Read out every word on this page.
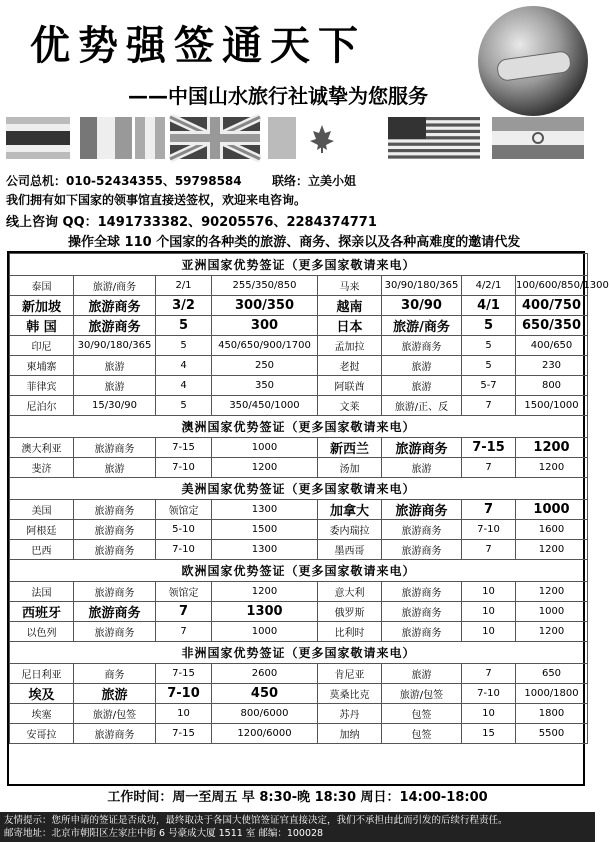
优势强签通天下
——中国山水旅行社诚挚为您服务
公司总机：010-52434355、59798584	联络：立美小姐
我们拥有如下国家的领事馆直接送签权，欢迎来电咨询。
线上咨询 QQ：1491733382、90205576、2284374771
操作全球 110 个国家的各种类的旅游、商务、探亲以及各种高难度的邀请代发
亚洲国家优势签证（更多国家敬请来电）							
泰国	旅游/商务	2/1	255/350/850	马来	30/90/180/365	4/2/1	100/600/850/1300
新加坡	旅游商务	3/2	300/350	越南	30/90	4/1	400/750
韩 国	旅游商务	5	300	日本	旅游/商务	5	650/350
印尼	30/90/180/365	5	450/650/900/1700	孟加拉	旅游商务	5	400/650
柬埔寨	旅游	4	250	老挝	旅游	5	230
菲律宾	旅游	4	350	阿联酋	旅游	5-7	800
尼泊尔	15/30/90	5	350/450/1000	文莱	旅游/正、反	7	1500/1000
澳洲国家优势签证（更多国家敬请来电）							
澳大利亚	旅游商务	7-15	1000	新西兰	旅游商务	7-15	1200
斐济	旅游	7-10	1200	汤加	旅游	7	1200
美洲国家优势签证（更多国家敬请来电）							
美国	旅游商务	领馆定	1300	加拿大	旅游商务	7	1000
阿根廷	旅游商务	5-10	1500	委内瑞拉	旅游商务	7-10	1600
巴西	旅游商务	7-10	1300	墨西哥	旅游商务	7	1200
欧洲国家优势签证（更多国家敬请来电）							
法国	旅游商务	领馆定	1200	意大利	旅游商务	10	1200
西班牙	旅游商务	7	1300	俄罗斯	旅游商务	10	1000
以色列	旅游商务	7	1000	比利时	旅游商务	10	1200
非洲国家优势签证（更多国家敬请来电）							
尼日利亚	商务	7-15	2600	肯尼亚	旅游	7	650
埃及	旅游	7-10	450	莫桑比克	旅游/包签	7-10	1000/1800
埃塞	旅游/包签	10	800/6000	苏丹	包签	10	1800
安哥拉	旅游商务	7-15	1200/6000	加纳	包签	15	5500
工作时间：周一至周五 早 8:30-晚 18:30 周日：14:00-18:00
友情提示：您所申请的签证是否成功，最终取决于各国大使馆签证官直接决定，我们不承担由此而引发的后续行程责任。
邮寄地址：北京市朝阳区左家庄中街 6 号豪成大厦 1511 室 邮编：100028
